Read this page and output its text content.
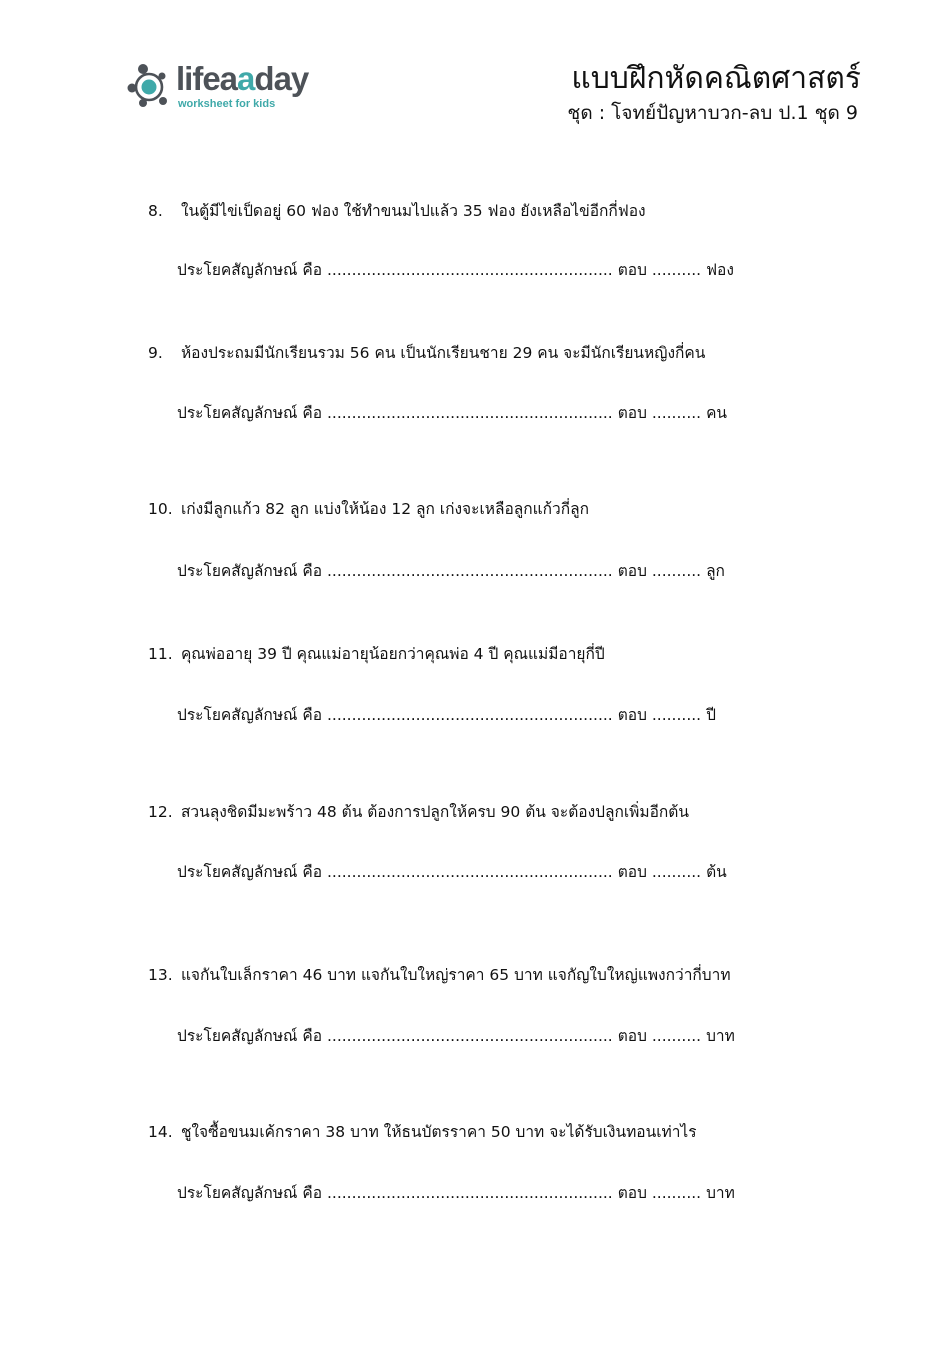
lifeaaday
worksheet for kids
แบบฝึกหัดคณิตศาสตร์
ชุด : โจทย์ปัญหาบวก-ลบ ป.1 ชุด 9
8. ในตู้มีไข่เป็ดอยู่ 60 ฟอง ใช้ทำขนมไปแล้ว 35 ฟอง ยังเหลือไข่อีกกี่ฟอง
ประโยคสัญลักษณ์ คือ .......................................................... ตอบ .......... ฟอง
9. ห้องประถมมีนักเรียนรวม 56 คน เป็นนักเรียนชาย 29 คน จะมีนักเรียนหญิงกี่คน
ประโยคสัญลักษณ์ คือ .......................................................... ตอบ .......... คน
10. เก่งมีลูกแก้ว 82 ลูก แบ่งให้น้อง 12 ลูก เก่งจะเหลือลูกแก้วกี่ลูก
ประโยคสัญลักษณ์ คือ .......................................................... ตอบ .......... ลูก
11. คุณพ่ออายุ 39 ปี คุณแม่อายุน้อยกว่าคุณพ่อ 4 ปี คุณแม่มีอายุกี่ปี
ประโยคสัญลักษณ์ คือ .......................................................... ตอบ .......... ปี
12. สวนลุงชิดมีมะพร้าว 48 ต้น ต้องการปลูกให้ครบ 90 ต้น จะต้องปลูกเพิ่มอีกต้น
ประโยคสัญลักษณ์ คือ .......................................................... ตอบ .......... ต้น
13. แจกันใบเล็กราคา 46 บาท แจกันใบใหญ่ราคา 65 บาท แจกัญใบใหญ่แพงกว่ากี่บาท
ประโยคสัญลักษณ์ คือ .......................................................... ตอบ .......... บาท
14. ชูใจซื้อขนมเค้กราคา 38 บาท ให้ธนบัตรราคา 50 บาท จะได้รับเงินทอนเท่าไร
ประโยคสัญลักษณ์ คือ .......................................................... ตอบ .......... บาท
